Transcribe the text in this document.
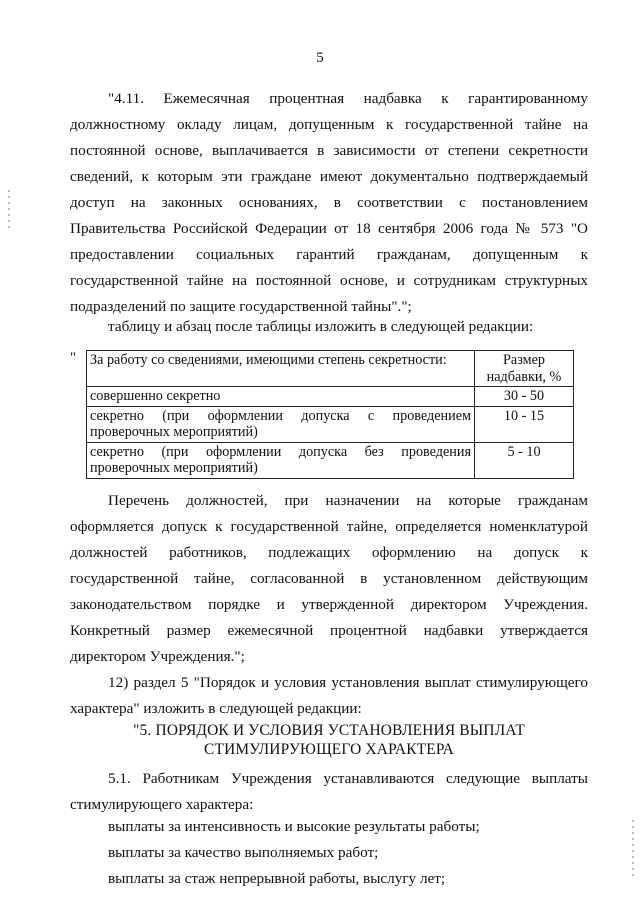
5

"4.11. Ежемесячная процентная надбавка к гарантированному должностному окладу лицам, допущенным к государственной тайне на постоянной основе, выплачивается в зависимости от степени секретности сведений, к которым эти граждане имеют документально подтверждаемый доступ на законных основаниях, в соответствии с постановлением Правительства Российской Федерации от 18 сентября 2006 года № 573 "О предоставлении социальных гарантий гражданам, допущенным к государственной тайне на постоянной основе, и сотрудникам структурных подразделений по защите государственной тайны".";

таблицу и абзац после таблицы изложить в следующей редакции:

" За работу со сведениями, имеющими степень секретности:	Размер надбавки, %
совершенно секретно	30 - 50
секретно (при оформлении допуска с проведением проверочных мероприятий)	10 - 15
секретно (при оформлении допуска без проведения проверочных мероприятий)	5 - 10

Перечень должностей, при назначении на которые гражданам оформляется допуск к государственной тайне, определяется номенклатурой должностей работников, подлежащих оформлению на допуск к государственной тайне, согласованной в установленном действующим законодательством порядке и утвержденной директором Учреждения. Конкретный размер ежемесячной процентной надбавки утверждается директором Учреждения.";

12) раздел 5 "Порядок и условия установления выплат стимулирующего характера" изложить в следующей редакции:

"5. ПОРЯДОК И УСЛОВИЯ УСТАНОВЛЕНИЯ ВЫПЛАТ
СТИМУЛИРУЮЩЕГО ХАРАКТЕРА

5.1. Работникам Учреждения устанавливаются следующие выплаты стимулирующего характера:

выплаты за интенсивность и высокие результаты работы;

выплаты за качество выполняемых работ;

выплаты за стаж непрерывной работы, выслугу лет;
